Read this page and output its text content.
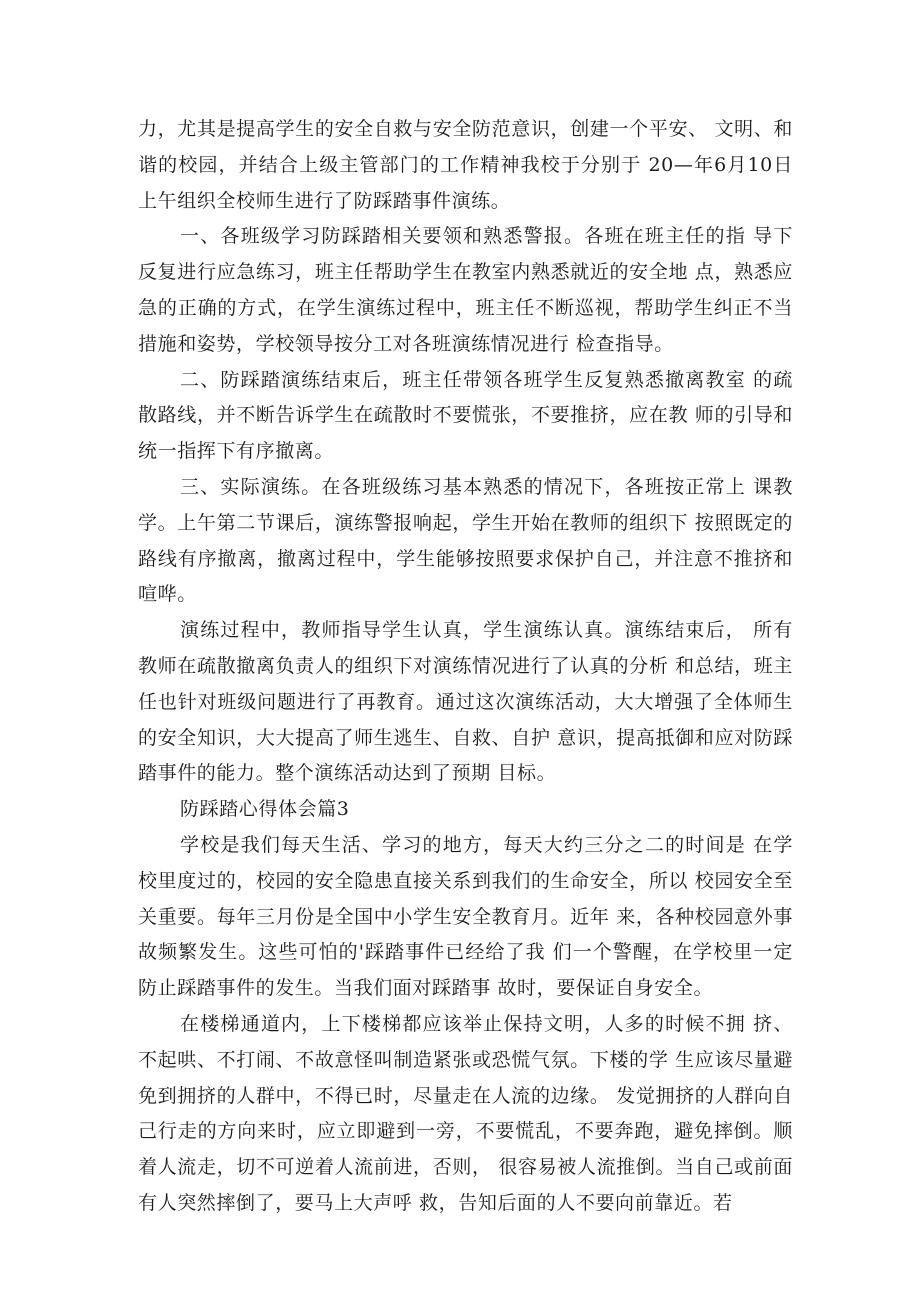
力，尤其是提高学生的安全自救与安全防范意识，创建一个平安、 文明、和谐的校园，并结合上级主管部门的工作精神我校于分别于 20—年6月10日上午组织全校师生进行了防踩踏事件演练。

一、各班级学习防踩踏相关要领和熟悉警报。各班在班主任的指 导下反复进行应急练习，班主任帮助学生在教室内熟悉就近的安全地 点，熟悉应急的正确的方式，在学生演练过程中，班主任不断巡视，帮助学生纠正不当措施和姿势，学校领导按分工对各班演练情况进行 检查指导。

二、防踩踏演练结束后，班主任带领各班学生反复熟悉撤离教室 的疏散路线，并不断告诉学生在疏散时不要慌张，不要推挤，应在教 师的引导和统一指挥下有序撤离。

三、实际演练。在各班级练习基本熟悉的情况下，各班按正常上 课教学。上午第二节课后，演练警报响起，学生开始在教师的组织下 按照既定的路线有序撤离，撤离过程中，学生能够按照要求保护自己，并注意不推挤和喧哗。

演练过程中，教师指导学生认真，学生演练认真。演练结束后， 所有教师在疏散撤离负责人的组织下对演练情况进行了认真的分析 和总结，班主任也针对班级问题进行了再教育。通过这次演练活动，大大增强了全体师生的安全知识，大大提高了师生逃生、自救、自护 意识，提高抵御和应对防踩踏事件的能力。整个演练活动达到了预期 目标。

防踩踏心得体会篇3

学校是我们每天生活、学习的地方，每天大约三分之二的时间是 在学校里度过的，校园的安全隐患直接关系到我们的生命安全，所以 校园安全至关重要。每年三月份是全国中小学生安全教育月。近年 来，各种校园意外事故频繁发生。这些可怕的'踩踏事件已经给了我 们一个警醒，在学校里一定防止踩踏事件的发生。当我们面对踩踏事 故时，要保证自身安全。

在楼梯通道内，上下楼梯都应该举止保持文明，人多的时候不拥 挤、不起哄、不打闹、不故意怪叫制造紧张或恐慌气氛。下楼的学 生应该尽量避免到拥挤的人群中，不得已时，尽量走在人流的边缘。 发觉拥挤的人群向自己行走的方向来时，应立即避到一旁，不要慌乱，不要奔跑，避免摔倒。顺着人流走，切不可逆着人流前进，否则， 很容易被人流推倒。当自己或前面有人突然摔倒了，要马上大声呼 救，告知后面的人不要向前靠近。若
